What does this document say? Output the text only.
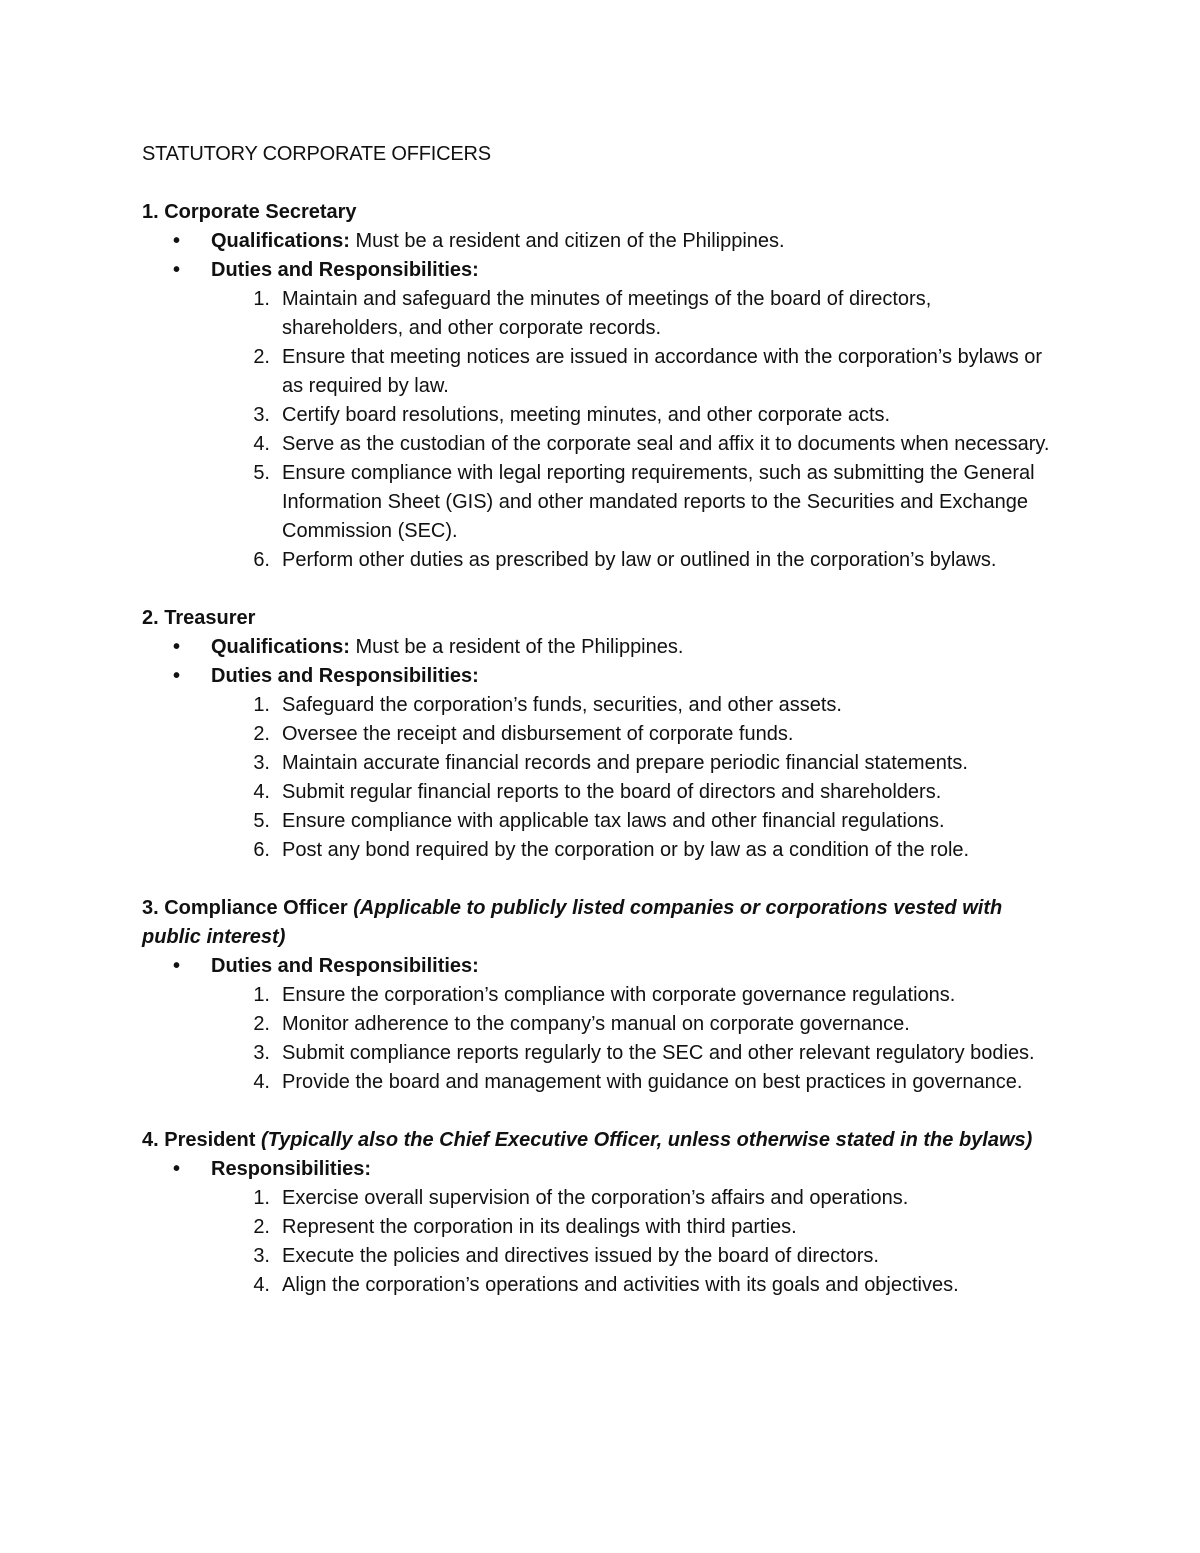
STATUTORY CORPORATE OFFICERS
1. Corporate Secretary
• Qualifications: Must be a resident and citizen of the Philippines.
• Duties and Responsibilities:
1. Maintain and safeguard the minutes of meetings of the board of directors, shareholders, and other corporate records.
2. Ensure that meeting notices are issued in accordance with the corporation’s bylaws or as required by law.
3. Certify board resolutions, meeting minutes, and other corporate acts.
4. Serve as the custodian of the corporate seal and affix it to documents when necessary.
5. Ensure compliance with legal reporting requirements, such as submitting the General Information Sheet (GIS) and other mandated reports to the Securities and Exchange Commission (SEC).
6. Perform other duties as prescribed by law or outlined in the corporation’s bylaws.
2. Treasurer
• Qualifications: Must be a resident of the Philippines.
• Duties and Responsibilities:
1. Safeguard the corporation’s funds, securities, and other assets.
2. Oversee the receipt and disbursement of corporate funds.
3. Maintain accurate financial records and prepare periodic financial statements.
4. Submit regular financial reports to the board of directors and shareholders.
5. Ensure compliance with applicable tax laws and other financial regulations.
6. Post any bond required by the corporation or by law as a condition of the role.
3. Compliance Officer (Applicable to publicly listed companies or corporations vested with public interest)
• Duties and Responsibilities:
1. Ensure the corporation’s compliance with corporate governance regulations.
2. Monitor adherence to the company’s manual on corporate governance.
3. Submit compliance reports regularly to the SEC and other relevant regulatory bodies.
4. Provide the board and management with guidance on best practices in governance.
4. President (Typically also the Chief Executive Officer, unless otherwise stated in the bylaws)
• Responsibilities:
1. Exercise overall supervision of the corporation’s affairs and operations.
2. Represent the corporation in its dealings with third parties.
3. Execute the policies and directives issued by the board of directors.
4. Align the corporation’s operations and activities with its goals and objectives.
